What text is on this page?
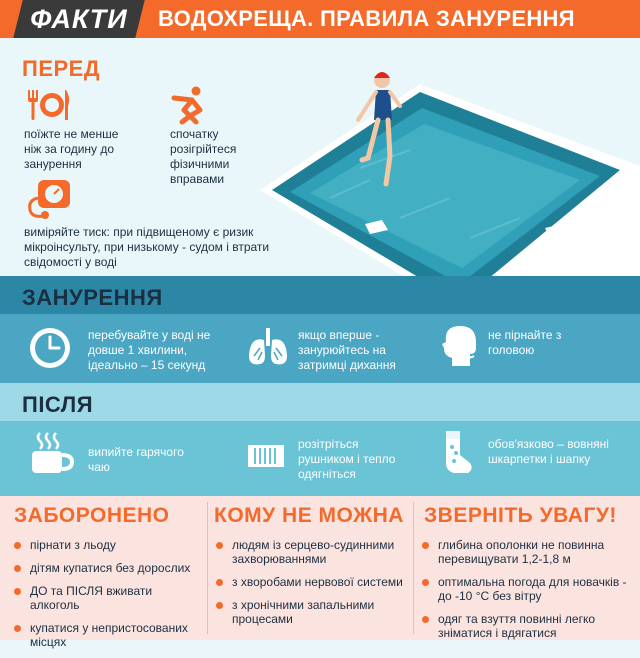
ФАКТИ	ВОДОХРЕЩА. ПРАВИЛА ЗАНУРЕННЯ
ПЕРЕД
поїжте не менше
ніж за годину до
занурення
спочатку
розігрійтеся
фізичними
вправами
виміряйте тиск: при підвищеному є ризик
мікроінсульту, при низькому - судом і втрати
свідомості у воді
ЗАНУРЕННЯ
перебувайте у воді не
довше 1 хвилини,
ідеально – 15 секунд
якщо вперше -
занурюйтесь на
затримці дихання
не пірнайте з
головою
ПІСЛЯ
випийте гарячого
чаю
розітріться
рушником і тепло
одягніться
обов'язково – вовняні
шкарпетки і шапку
ЗАБОРОНЕНО
пірнати з льоду
дітям купатися без дорослих
ДО та ПІСЛЯ вживати алкоголь
купатися у непристосованих
місцях
КОМУ НЕ МОЖНА
людям із серцево-судинними
захворюваннями
з хворобами нервової системи
з хронічними запальними
процесами
ЗВЕРНІТЬ УВАГУ!
глибина ополонки не повинна
перевищувати 1,2-1,8 м
оптимальна погода для новачків -
до -10 °С без вітру
одяг та взуття повинні легко
зніматися і вдягатися
